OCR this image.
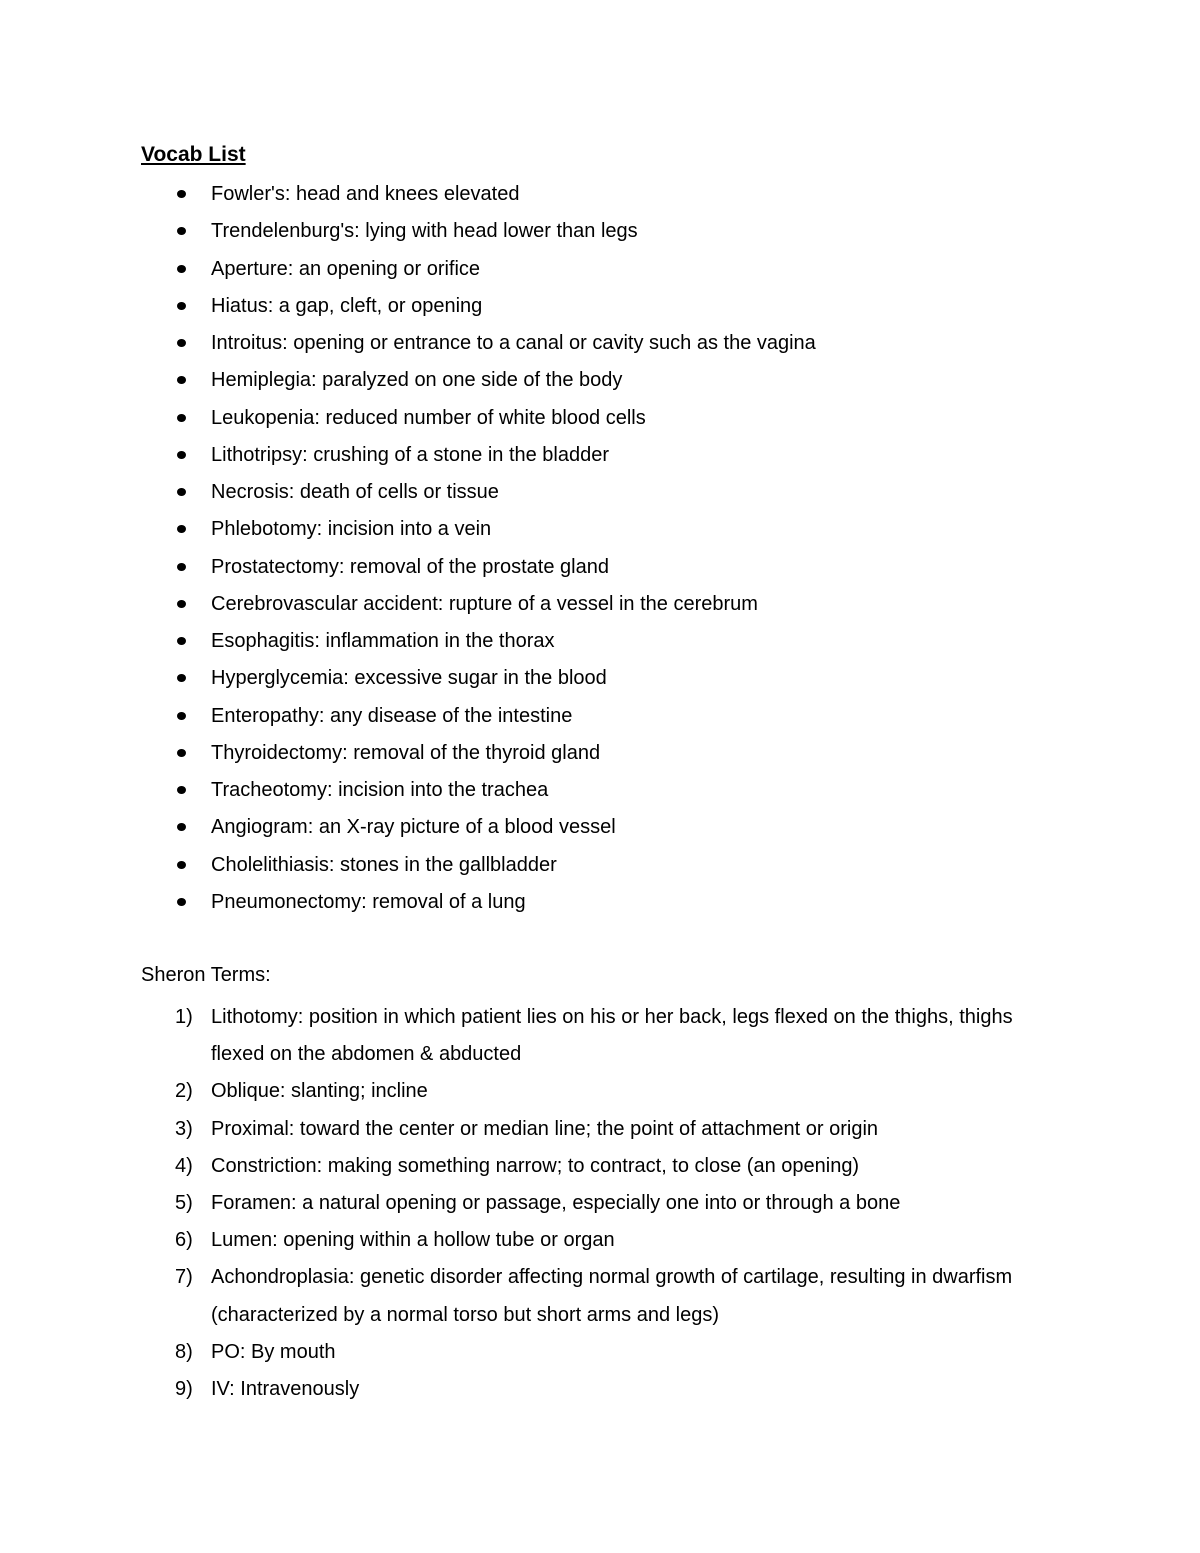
Vocab List
Fowler's: head and knees elevated
Trendelenburg's: lying with head lower than legs
Aperture: an opening or orifice
Hiatus: a gap, cleft, or opening
Introitus: opening or entrance to a canal or cavity such as the vagina
Hemiplegia: paralyzed on one side of the body
Leukopenia: reduced number of white blood cells
Lithotripsy: crushing of a stone in the bladder
Necrosis: death of cells or tissue
Phlebotomy: incision into a vein
Prostatectomy: removal of the prostate gland
Cerebrovascular accident: rupture of a vessel in the cerebrum
Esophagitis: inflammation in the thorax
Hyperglycemia: excessive sugar in the blood
Enteropathy: any disease of the intestine
Thyroidectomy: removal of the thyroid gland
Tracheotomy: incision into the trachea
Angiogram: an X-ray picture of a blood vessel
Cholelithiasis: stones in the gallbladder
Pneumonectomy: removal of a lung
Sheron Terms:
1) Lithotomy: position in which patient lies on his or her back, legs flexed on the thighs, thighs flexed on the abdomen & abducted
2) Oblique: slanting; incline
3) Proximal: toward the center or median line; the point of attachment or origin
4) Constriction: making something narrow; to contract, to close (an opening)
5) Foramen: a natural opening or passage, especially one into or through a bone
6) Lumen: opening within a hollow tube or organ
7) Achondroplasia: genetic disorder affecting normal growth of cartilage, resulting in dwarfism (characterized by a normal torso but short arms and legs)
8) PO: By mouth
9) IV: Intravenously
